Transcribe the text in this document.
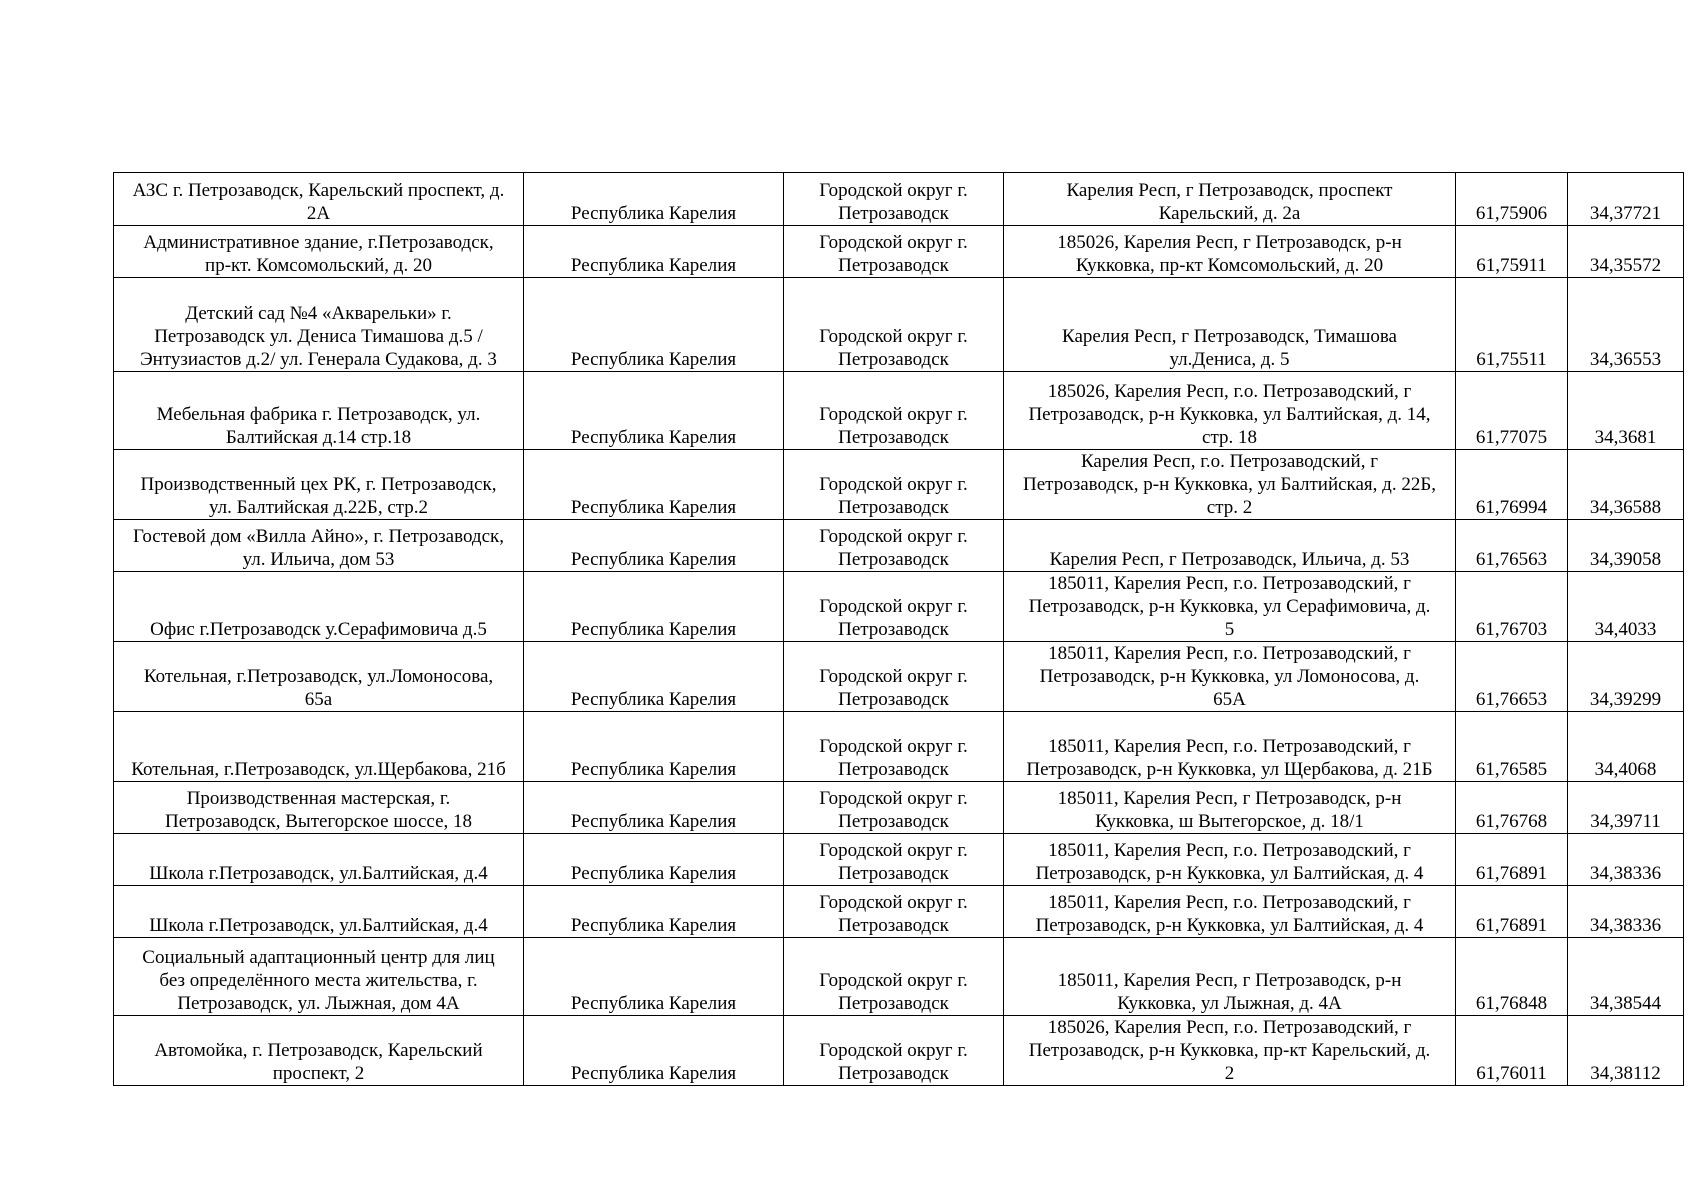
АЗС г. Петрозаводск, Карельский проспект, д. 2А	Республика Карелия	Городской округ г. Петрозаводск	Карелия Респ, г Петрозаводск, проспект Карельский, д. 2а	61,75906	34,37721
Административное здание, г.Петрозаводск, пр-кт. Комсомольский, д. 20	Республика Карелия	Городской округ г. Петрозаводск	185026, Карелия Респ, г Петрозаводск, р-н Кукковка, пр-кт Комсомольский, д. 20	61,75911	34,35572
Детский сад №4 «Акварельки» г. Петрозаводск ул. Дениса Тимашова д.5 /Энтузиастов д.2/ ул. Генерала Судакова, д. 3	Республика Карелия	Городской округ г. Петрозаводск	Карелия Респ, г Петрозаводск, Тимашова ул.Дениса, д. 5	61,75511	34,36553
Мебельная фабрика г. Петрозаводск, ул. Балтийская д.14 стр.18	Республика Карелия	Городской округ г. Петрозаводск	185026, Карелия Респ, г.о. Петрозаводский, г Петрозаводск, р-н Кукковка, ул Балтийская, д. 14, стр. 18	61,77075	34,3681
Производственный цех РК, г. Петрозаводск, ул. Балтийская д.22Б, стр.2	Республика Карелия	Городской округ г. Петрозаводск	Карелия Респ, г.о. Петрозаводский, г Петрозаводск, р-н Кукковка, ул Балтийская, д. 22Б, стр. 2	61,76994	34,36588
Гостевой дом «Вилла Айно», г. Петрозаводск, ул. Ильича, дом 53	Республика Карелия	Городской округ г. Петрозаводск	Карелия Респ, г Петрозаводск, Ильича, д. 53	61,76563	34,39058
Офис г.Петрозаводск у.Серафимовича д.5	Республика Карелия	Городской округ г. Петрозаводск	185011, Карелия Респ, г.о. Петрозаводский, г Петрозаводск, р-н Кукковка, ул Серафимовича, д. 5	61,76703	34,4033
Котельная, г.Петрозаводск, ул.Ломоносова, 65а	Республика Карелия	Городской округ г. Петрозаводск	185011, Карелия Респ, г.о. Петрозаводский, г Петрозаводск, р-н Кукковка, ул Ломоносова, д. 65А	61,76653	34,39299
Котельная, г.Петрозаводск, ул.Щербакова, 21б	Республика Карелия	Городской округ г. Петрозаводск	185011, Карелия Респ, г.о. Петрозаводский, г Петрозаводск, р-н Кукковка, ул Щербакова, д. 21Б	61,76585	34,4068
Производственная мастерская, г. Петрозаводск, Вытегорское шоссе, 18	Республика Карелия	Городской округ г. Петрозаводск	185011, Карелия Респ, г Петрозаводск, р-н Кукковка, ш Вытегорское, д. 18/1	61,76768	34,39711
Школа г.Петрозаводск, ул.Балтийская, д.4	Республика Карелия	Городской округ г. Петрозаводск	185011, Карелия Респ, г.о. Петрозаводский, г Петрозаводск, р-н Кукковка, ул Балтийская, д. 4	61,76891	34,38336
Школа г.Петрозаводск, ул.Балтийская, д.4	Республика Карелия	Городской округ г. Петрозаводск	185011, Карелия Респ, г.о. Петрозаводский, г Петрозаводск, р-н Кукковка, ул Балтийская, д. 4	61,76891	34,38336
Социальный адаптационный центр для лиц без определённого места жительства, г. Петрозаводск, ул. Лыжная, дом 4А	Республика Карелия	Городской округ г. Петрозаводск	185011, Карелия Респ, г Петрозаводск, р-н Кукковка, ул Лыжная, д. 4А	61,76848	34,38544
Автомойка, г. Петрозаводск, Карельский проспект, 2	Республика Карелия	Городской округ г. Петрозаводск	185026, Карелия Респ, г.о. Петрозаводский, г Петрозаводск, р-н Кукковка, пр-кт Карельский, д. 2	61,76011	34,38112
